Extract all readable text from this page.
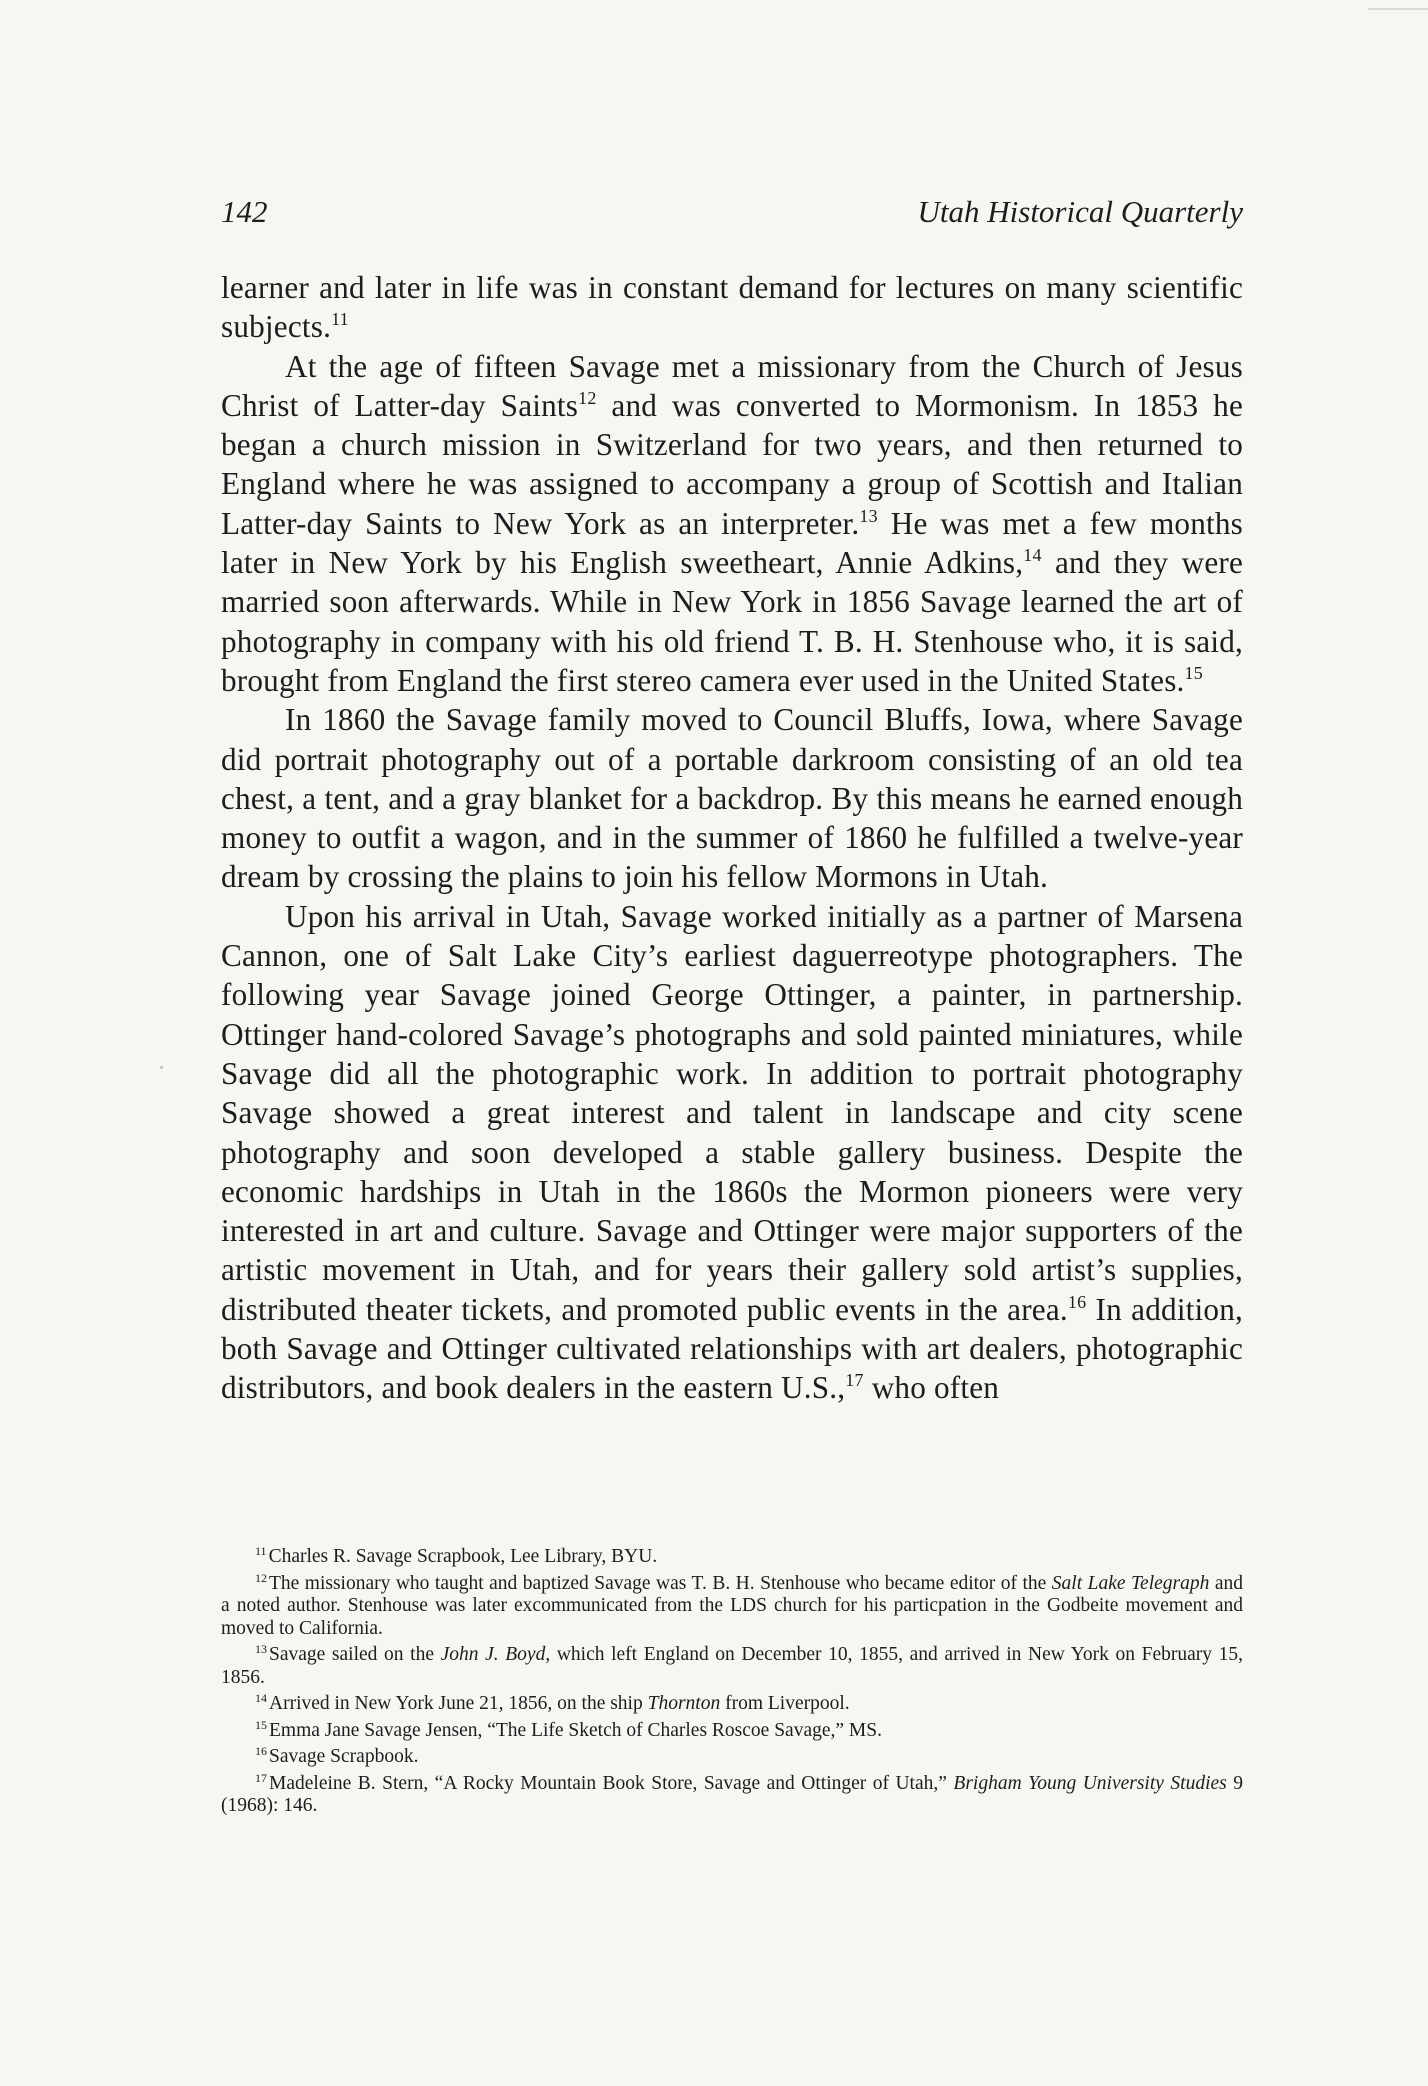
142	Utah Historical Quarterly

learner and later in life was in constant demand for lectures on many scientific subjects.$^{11}$

At the age of fifteen Savage met a missionary from the Church of Jesus Christ of Latter-day Saints$^{12}$ and was converted to Mormonism. In 1853 he began a church mission in Switzerland for two years, and then returned to England where he was assigned to accompany a group of Scottish and Italian Latter-day Saints to New York as an interpreter.$^{13}$ He was met a few months later in New York by his English sweetheart, Annie Adkins,$^{14}$ and they were married soon afterwards. While in New York in 1856 Savage learned the art of photography in company with his old friend T. B. H. Stenhouse who, it is said, brought from England the first stereo camera ever used in the United States.$^{15}$

In 1860 the Savage family moved to Council Bluffs, Iowa, where Savage did portrait photography out of a portable darkroom consisting of an old tea chest, a tent, and a gray blanket for a backdrop. By this means he earned enough money to outfit a wagon, and in the summer of 1860 he fulfilled a twelve-year dream by crossing the plains to join his fellow Mormons in Utah.

Upon his arrival in Utah, Savage worked initially as a partner of Marsena Cannon, one of Salt Lake City’s earliest daguerreotype photographers. The following year Savage joined George Ottinger, a painter, in partnership. Ottinger hand-colored Savage’s photographs and sold painted miniatures, while Savage did all the photographic work. In addition to portrait photography Savage showed a great interest and talent in landscape and city scene photography and soon developed a stable gallery business. Despite the economic hardships in Utah in the 1860s the Mormon pioneers were very interested in art and culture. Savage and Ottinger were major supporters of the artistic movement in Utah, and for years their gallery sold artist’s supplies, distributed theater tickets, and promoted public events in the area.$^{16}$ In addition, both Savage and Ottinger cultivated relationships with art dealers, photographic distributors, and book dealers in the eastern U.S.,$^{17}$ who often

$^{11}$ Charles R. Savage Scrapbook, Lee Library, BYU.

$^{12}$ The missionary who taught and baptized Savage was T. B. H. Stenhouse who became editor of the Salt Lake Telegraph and a noted author. Stenhouse was later excommunicated from the LDS church for his particpation in the Godbeite movement and moved to California.

$^{13}$ Savage sailed on the John J. Boyd, which left England on December 10, 1855, and arrived in New York on February 15, 1856.

$^{14}$ Arrived in New York June 21, 1856, on the ship Thornton from Liverpool.

$^{15}$ Emma Jane Savage Jensen, “The Life Sketch of Charles Roscoe Savage,” MS.

$^{16}$ Savage Scrapbook.

$^{17}$ Madeleine B. Stern, “A Rocky Mountain Book Store, Savage and Ottinger of Utah,” Brigham Young University Studies 9 (1968): 146.
